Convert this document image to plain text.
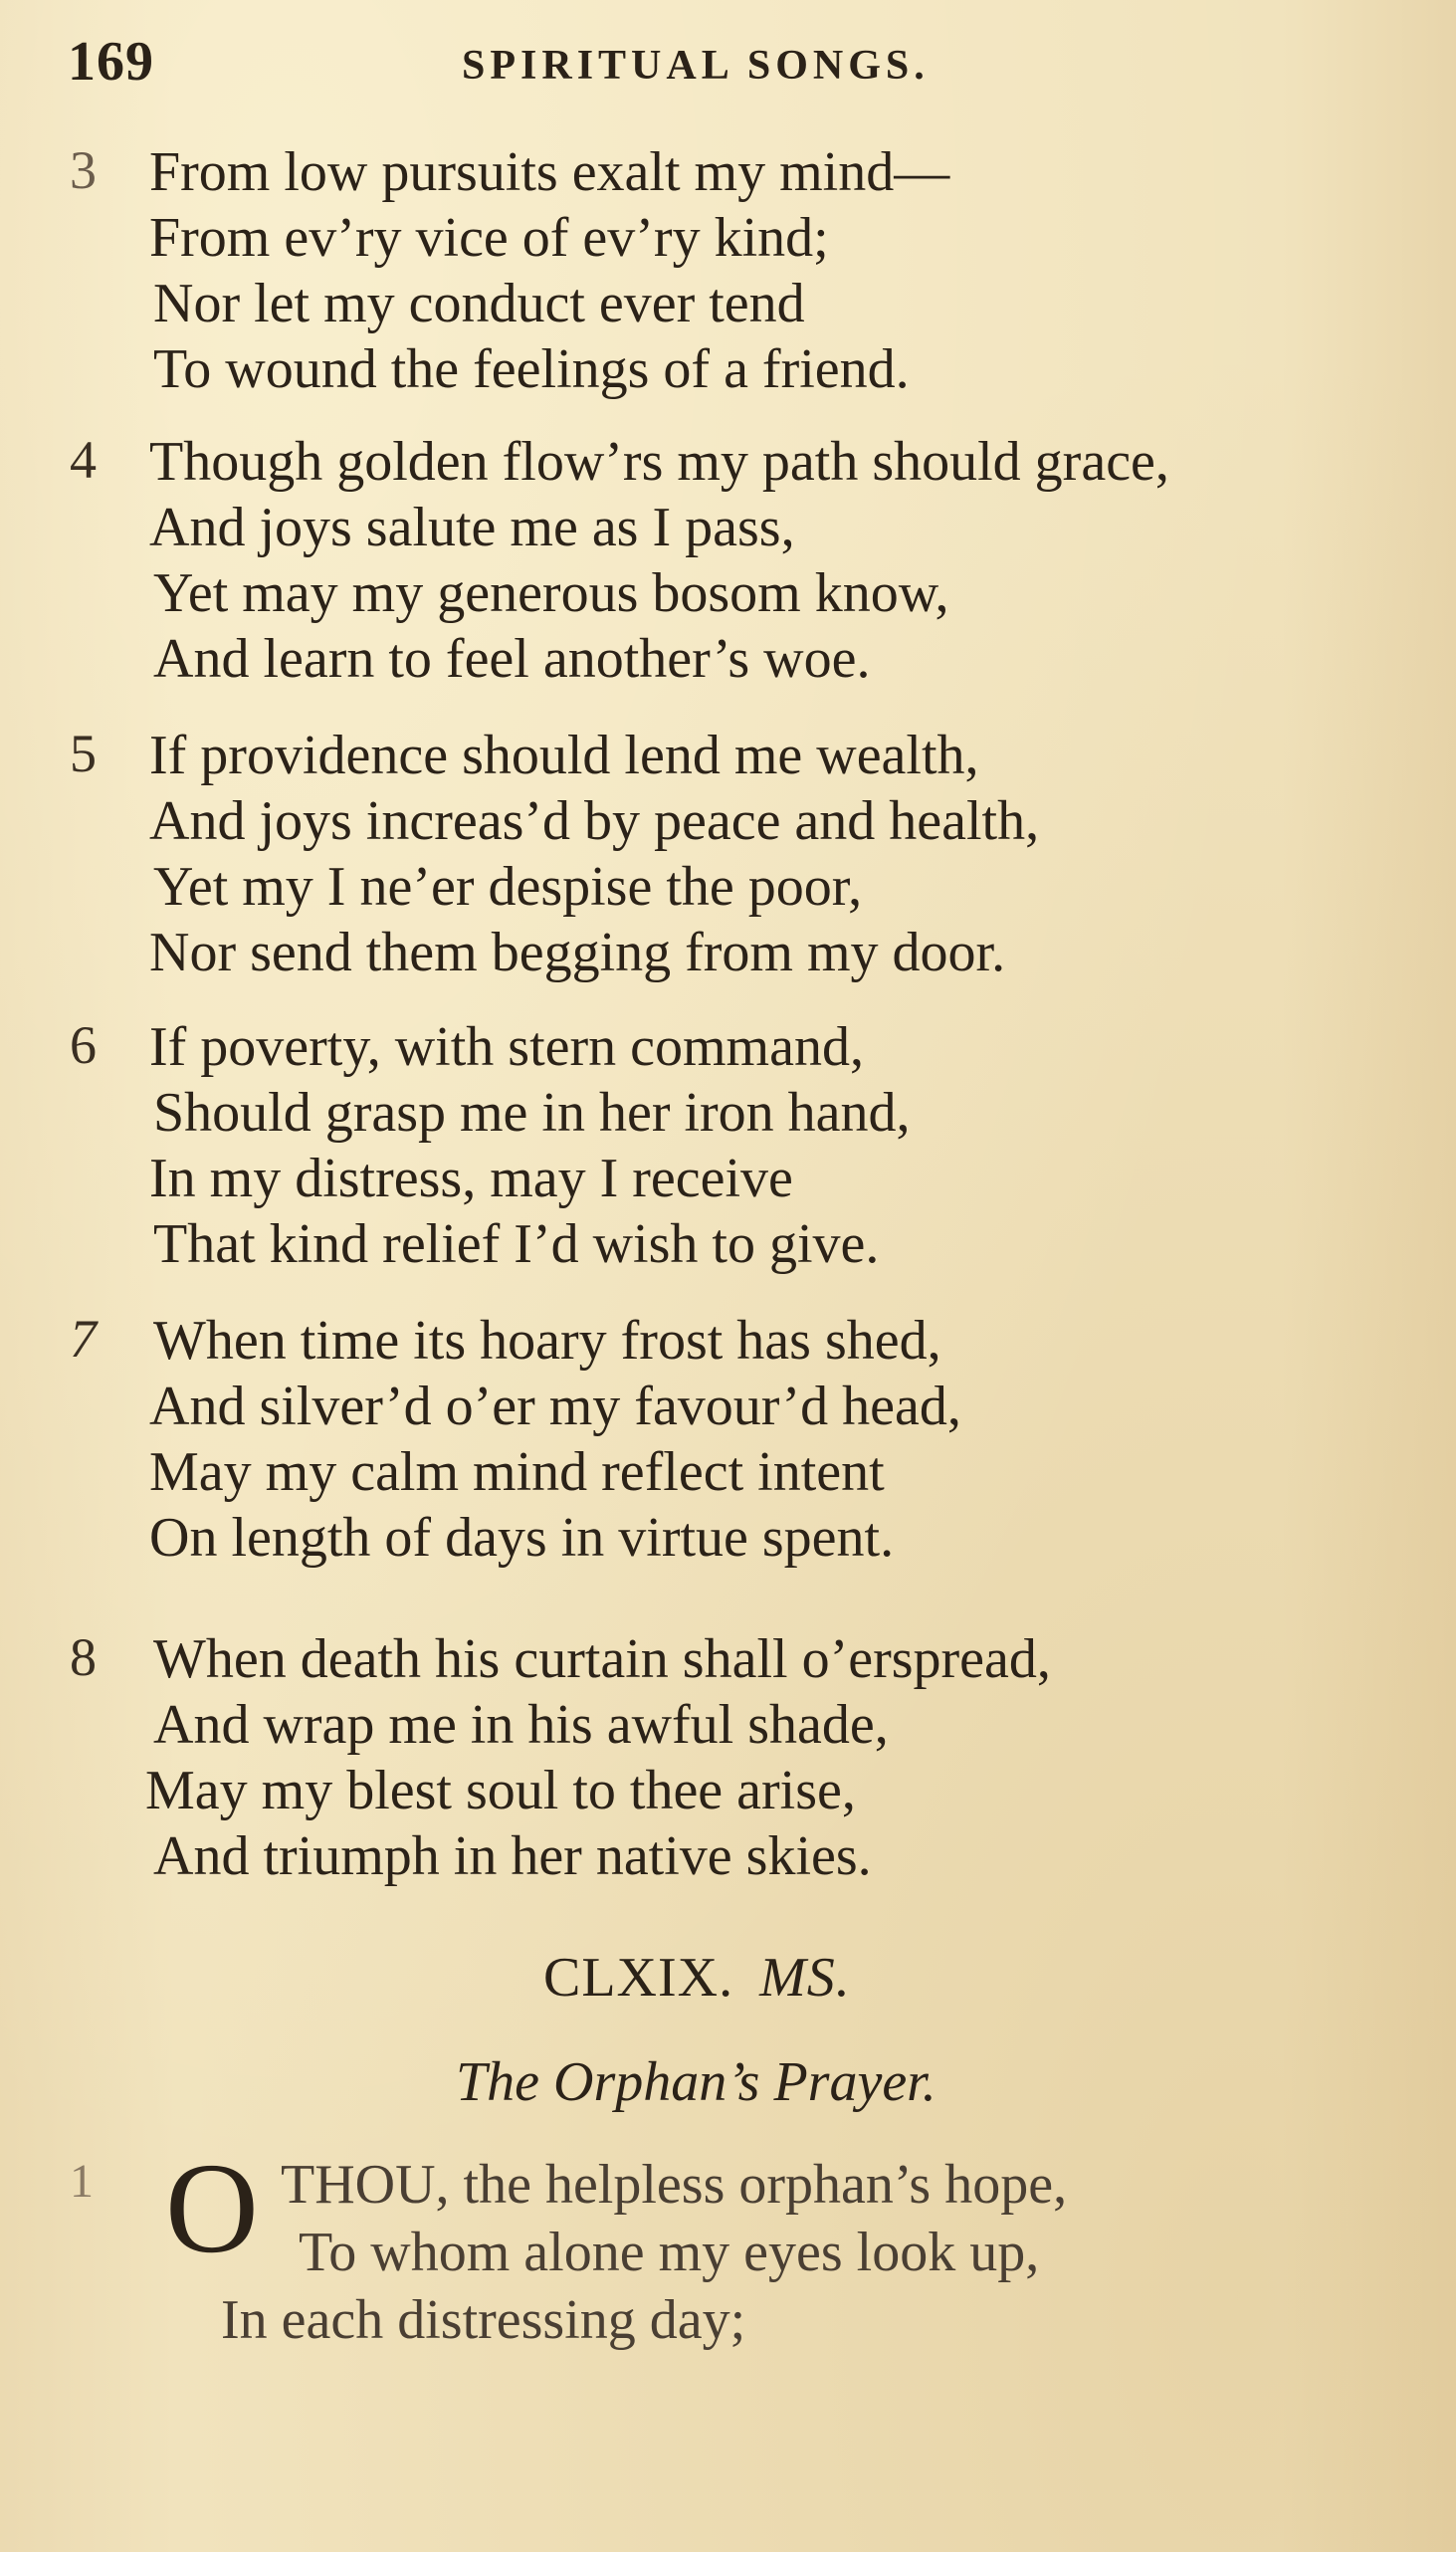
169	SPIRITUAL SONGS.
3 From low pursuits exalt my mind—
From ev’ry vice of ev’ry kind;
Nor let my conduct ever tend
To wound the feelings of a friend.
4 Though golden flow’rs my path should grace,
And joys salute me as I pass,
Yet may my generous bosom know,
And learn to feel another’s woe.
5 If providence should lend me wealth,
And joys increas’d by peace and health,
Yet my I ne’er despise the poor,
Nor send them begging from my door.
6 If poverty, with stern command,
Should grasp me in her iron hand,
In my distress, may I receive
That kind relief I’d wish to give.
7 When time its hoary frost has shed,
And silver’d o’er my favour’d head,
May my calm mind reflect intent
On length of days in virtue spent.
8 When death his curtain shall o’erspread,
And wrap me in his awful shade,
May my blest soul to thee arise,
And triumph in her native skies.
CLXIX. MS.
The Orphan’s Prayer.
1 O THOU, the helpless orphan’s hope,
To whom alone my eyes look up,
In each distressing day;
